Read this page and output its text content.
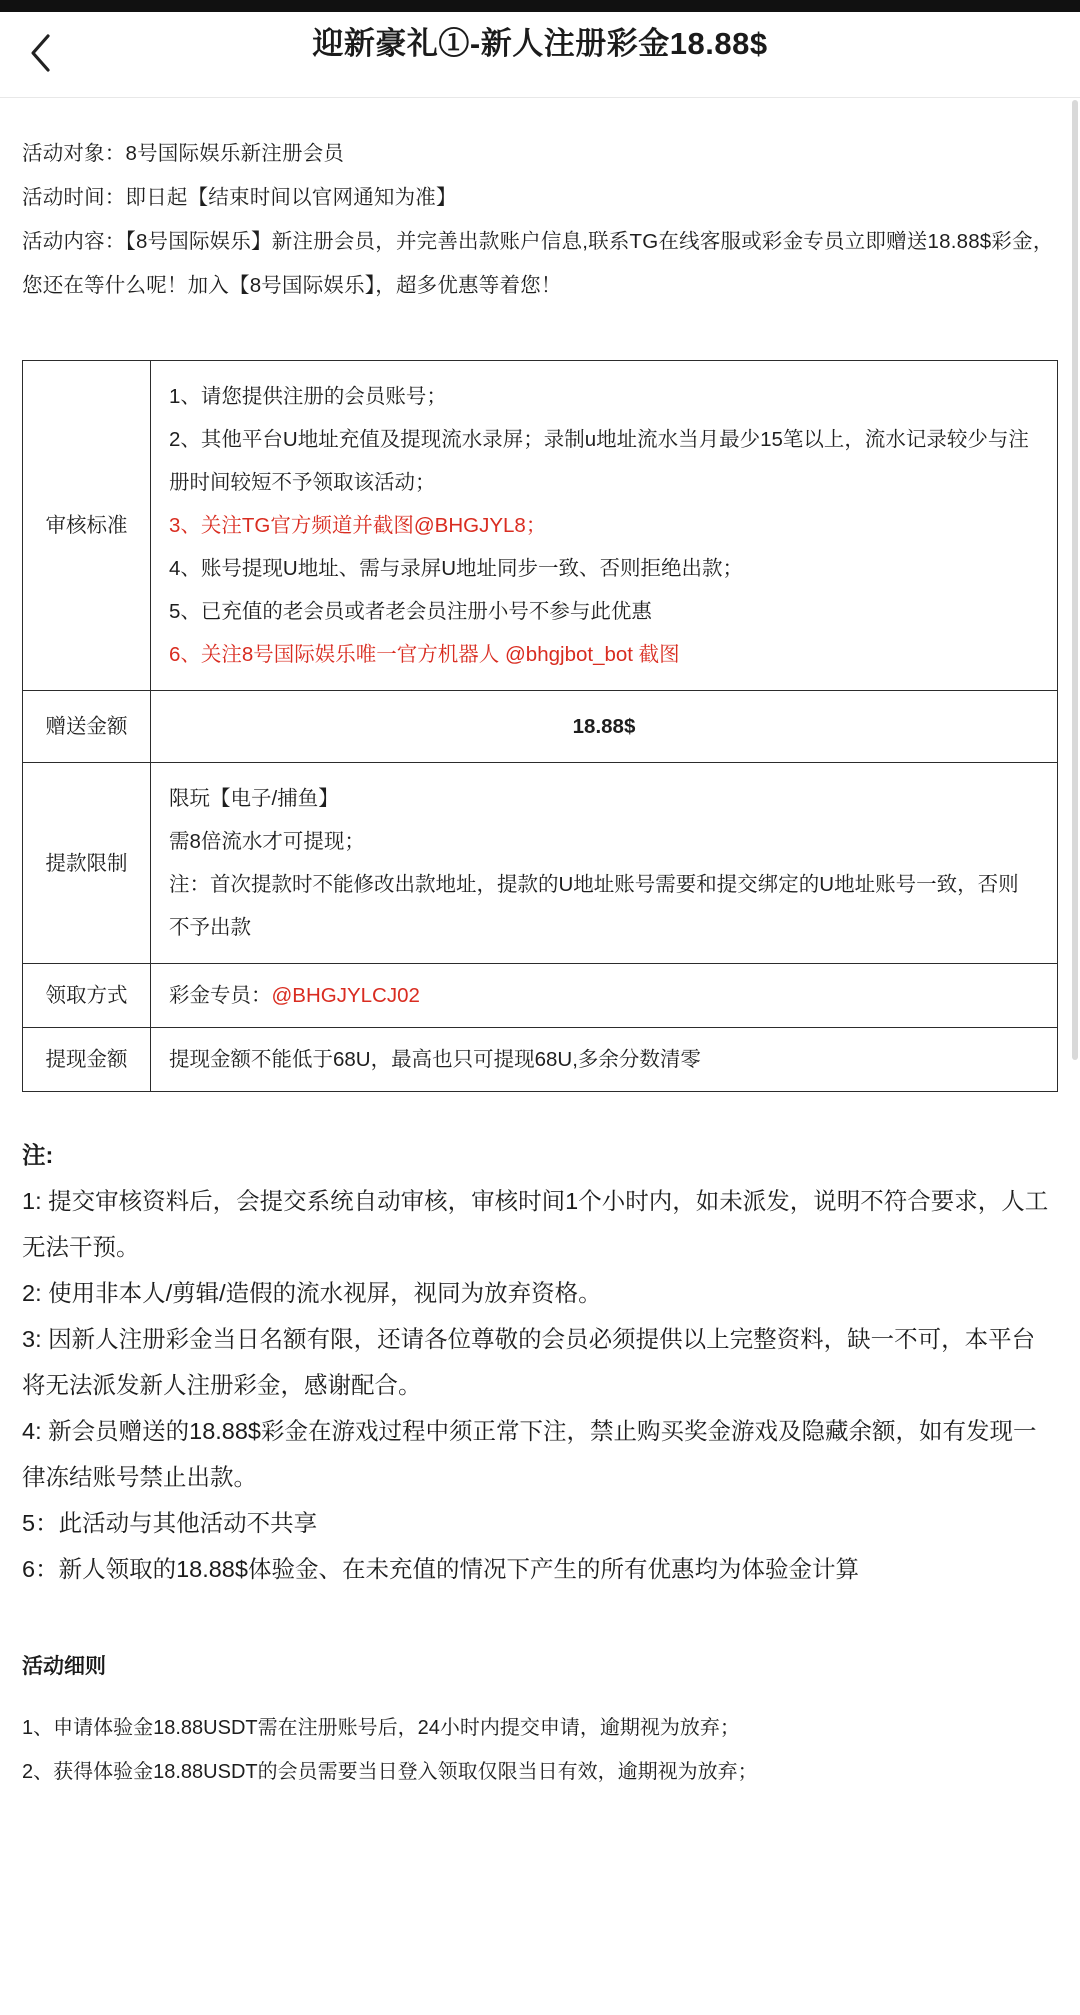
迎新豪礼①-新人注册彩金18.88$

活动对象：8号国际娱乐新注册会员

活动时间：即日起【结束时间以官网通知为准】

活动内容：【8号国际娱乐】新注册会员，并完善出款账户信息,联系TG在线客服或彩金专员立即赠送18.88$彩金，您还在等什么呢！加入【8号国际娱乐】，超多优惠等着您！

审核标准	
1、请您提供注册的会员账号；
2、其他平台U地址充值及提现流水录屏；录制u地址流水当月最少15笔以上，流水记录较少与注册时间较短不予领取该活动；
3、关注TG官方频道并截图@BHGJYL8；
4、账号提现U地址、需与录屏U地址同步一致、否则拒绝出款；
5、已充值的老会员或者老会员注册小号不参与此优惠
6、关注8号国际娱乐唯一官方机器人 @bhgjbot_bot 截图

赠送金额	18.88$
提款限制	限玩【电子/捕鱼】
需8倍流水才可提现；
注：首次提款时不能修改出款地址，提款的U地址账号需要和提交绑定的U地址账号一致，否则不予出款

领取方式	彩金专员：@BHGJYLCJ02
提现金额	提现金额不能低于68U，最高也只可提现68U,多余分数清零
注:
1: 提交审核资料后，会提交系统自动审核，审核时间1个小时内，如未派发，说明不符合要求，人工无法干预。
2: 使用非本人/剪辑/造假的流水视屏，视同为放弃资格。
3: 因新人注册彩金当日名额有限，还请各位尊敬的会员必须提供以上完整资料，缺一不可，本平台将无法派发新人注册彩金，感谢配合。
4: 新会员赠送的18.88$彩金在游戏过程中须正常下注，禁止购买奖金游戏及隐藏余额，如有发现一律冻结账号禁止出款。
5：此活动与其他活动不共享
6：新人领取的18.88$体验金、在未充值的情况下产生的所有优惠均为体验金计算
活动细则
1、申请体验金18.88USDT需在注册账号后，24小时内提交申请，逾期视为放弃；
2、获得体验金18.88USDT的会员需要当日登入领取仅限当日有效，逾期视为放弃；
